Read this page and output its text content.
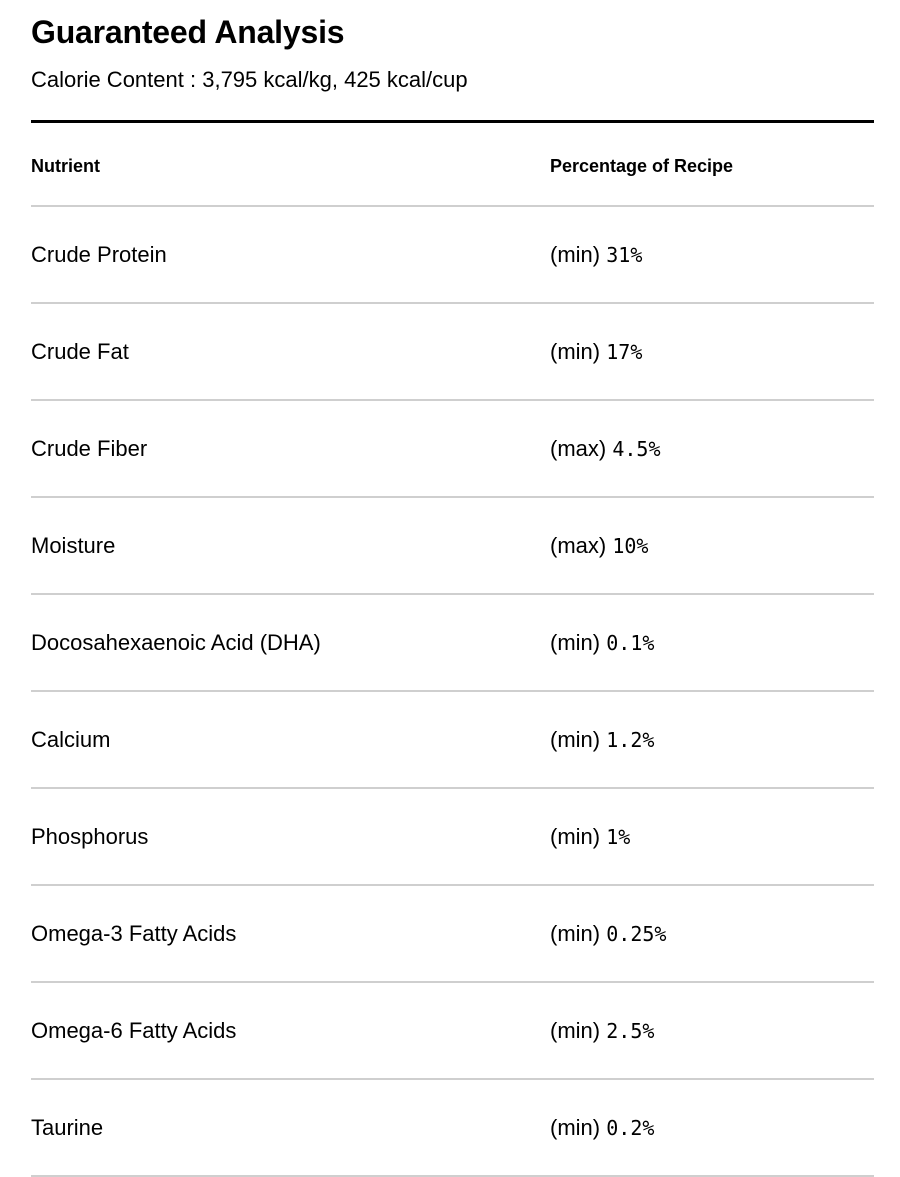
Guaranteed Analysis
Calorie Content : 3,795 kcal/kg, 425 kcal/cup
Nutrient	Percentage of Recipe
Crude Protein	(min) 31%
Crude Fat	(min) 17%
Crude Fiber	(max) 4.5%
Moisture	(max) 10%
Docosahexaenoic Acid (DHA)	(min) 0.1%
Calcium	(min) 1.2%
Phosphorus	(min) 1%
Omega-3 Fatty Acids	(min) 0.25%
Omega-6 Fatty Acids	(min) 2.5%
Taurine	(min) 0.2%
